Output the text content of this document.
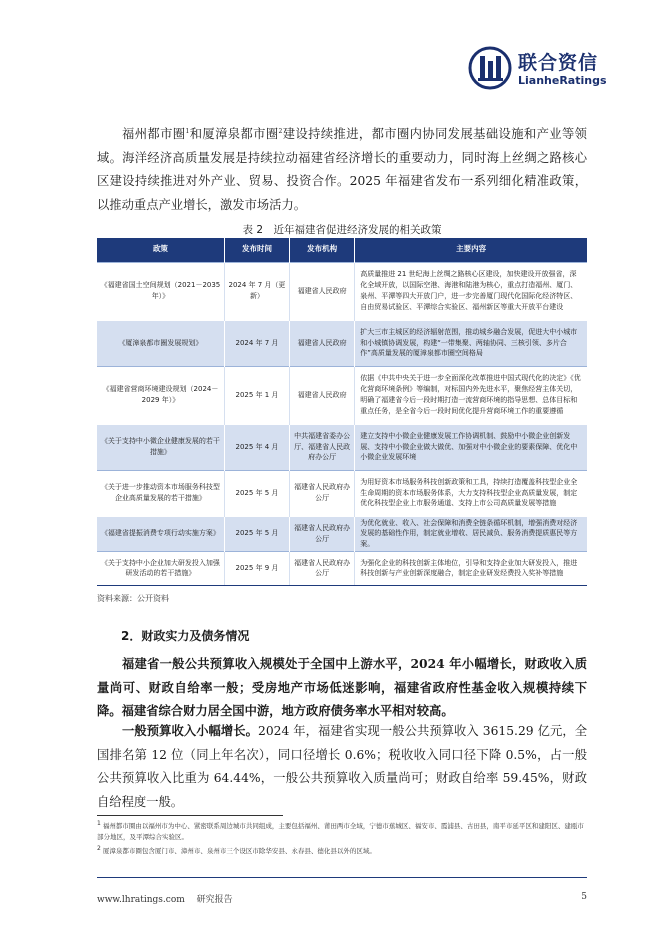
联合资信
LianheRatings

福州都市圈$^1$和厦漳泉都市圈$^2$建设持续推进，都市圈内协同发展基础设施和产业等领域。海洋经济高质量发展是持续拉动福建省经济增长的重要动力，同时海上丝绸之路核心区建设持续推进对外产业、贸易、投资合作。2025 年福建省发布一系列细化精准政策，以推动重点产业增长，激发市场活力。

表 2　近年福建省促进经济发展的相关政策
政策	发布时间	发布机构	主要内容
《福建省国土空间规划（2021－2035 年）》	2024 年 7 月（更新）	福建省人民政府	高质量推进 21 世纪海上丝绸之路核心区建设，加快建设开放强省，深化全域开放，以国际空港、海港和陆港为核心，重点打造福州、厦门、泉州、平潭等四大开放门户，进一步完善厦门现代化国际化经济特区、自由贸易试验区、平潭综合实验区、福州新区等重大开放平台建设
《厦漳泉都市圈发展规划》	2024 年 7 月	福建省人民政府	扩大三市主城区的经济辐射范围，推动城乡融合发展，促进大中小城市和小城镇协调发展，构建“一带集聚、两轴协同、三核引领、多片合作”高质量发展的厦漳泉都市圈空间格局
《福建省营商环境建设规划（2024－2029 年）》	2025 年 1 月	福建省人民政府	依据《中共中央关于进一步全面深化改革推进中国式现代化的决定》《优化营商环境条例》等编制，对标国内外先进水平，聚焦经营主体关切，明确了福建省今后一段时期打造一流营商环境的指导思想、总体目标和重点任务，是全省今后一段时间优化提升营商环境工作的重要遵循
《关于支持中小微企业健康发展的若干措施》	2025 年 4 月	中共福建省委办公厅、福建省人民政府办公厅	建立支持中小微企业健康发展工作协调机制、鼓励中小微企业创新发展、支持中小微企业做大做优、加强对中小微企业的要素保障、优化中小微企业发展环境
《关于进一步推动资本市场服务科技型企业高质量发展的若干措施》	2025 年 5 月	福建省人民政府办公厅	为用好资本市场服务科技创新政策和工具，持续打造覆盖科技型企业全生命周期的资本市场服务体系，大力支持科技型企业高质量发展，制定优化科技型企业上市服务通道、支持上市公司高质量发展等措施
《福建省提振消费专项行动实施方案》	2025 年 5 月	福建省人民政府办公厅	为优化就业、收入、社会保障和消费全链条循环机制，增强消费对经济发展的基础性作用，制定就业增收、居民减负、服务消费提质惠民等方案。
《关于支持中小企业加大研发投入加强研发活动的若干措施》	2025 年 9 月	福建省人民政府办公厅	为强化企业的科技创新主体地位，引导和支持企业加大研发投入，推进科技创新与产业创新深度融合，制定企业研发经费投入奖补等措施
资料来源：公开资料
2．财政实力及债务情况

福建省一般公共预算收入规模处于全国中上游水平，2024 年小幅增长，财政收入质量尚可、财政自给率一般；受房地产市场低迷影响，福建省政府性基金收入规模持续下降。福建省综合财力居全国中游，地方政府债务率水平相对较高。

一般预算收入小幅增长。2024 年，福建省实现一般公共预算收入 3615.29 亿元，全国排名第 12 位（同上年名次），同口径增长 0.6%；税收收入同口径下降 0.5%，占一般公共预算收入比重为 64.44%，一般公共预算收入质量尚可；财政自给率 59.45%，财政自给程度一般。

$^1$ 福州都市圈由以福州市为中心、紧密联系周边城市共同组成，主要包括福州、莆田两市全域，宁德市蕉城区、福安市、霞浦县、古田县，南平市延平区和建阳区、建瓯市部分地区，及平潭综合实验区。
$^2$ 厦漳泉都市圈包含厦门市、漳州市、泉州市三个设区市除华安县、永春县、德化县以外的区域。
www.lhratings.com　 研究报告	5
